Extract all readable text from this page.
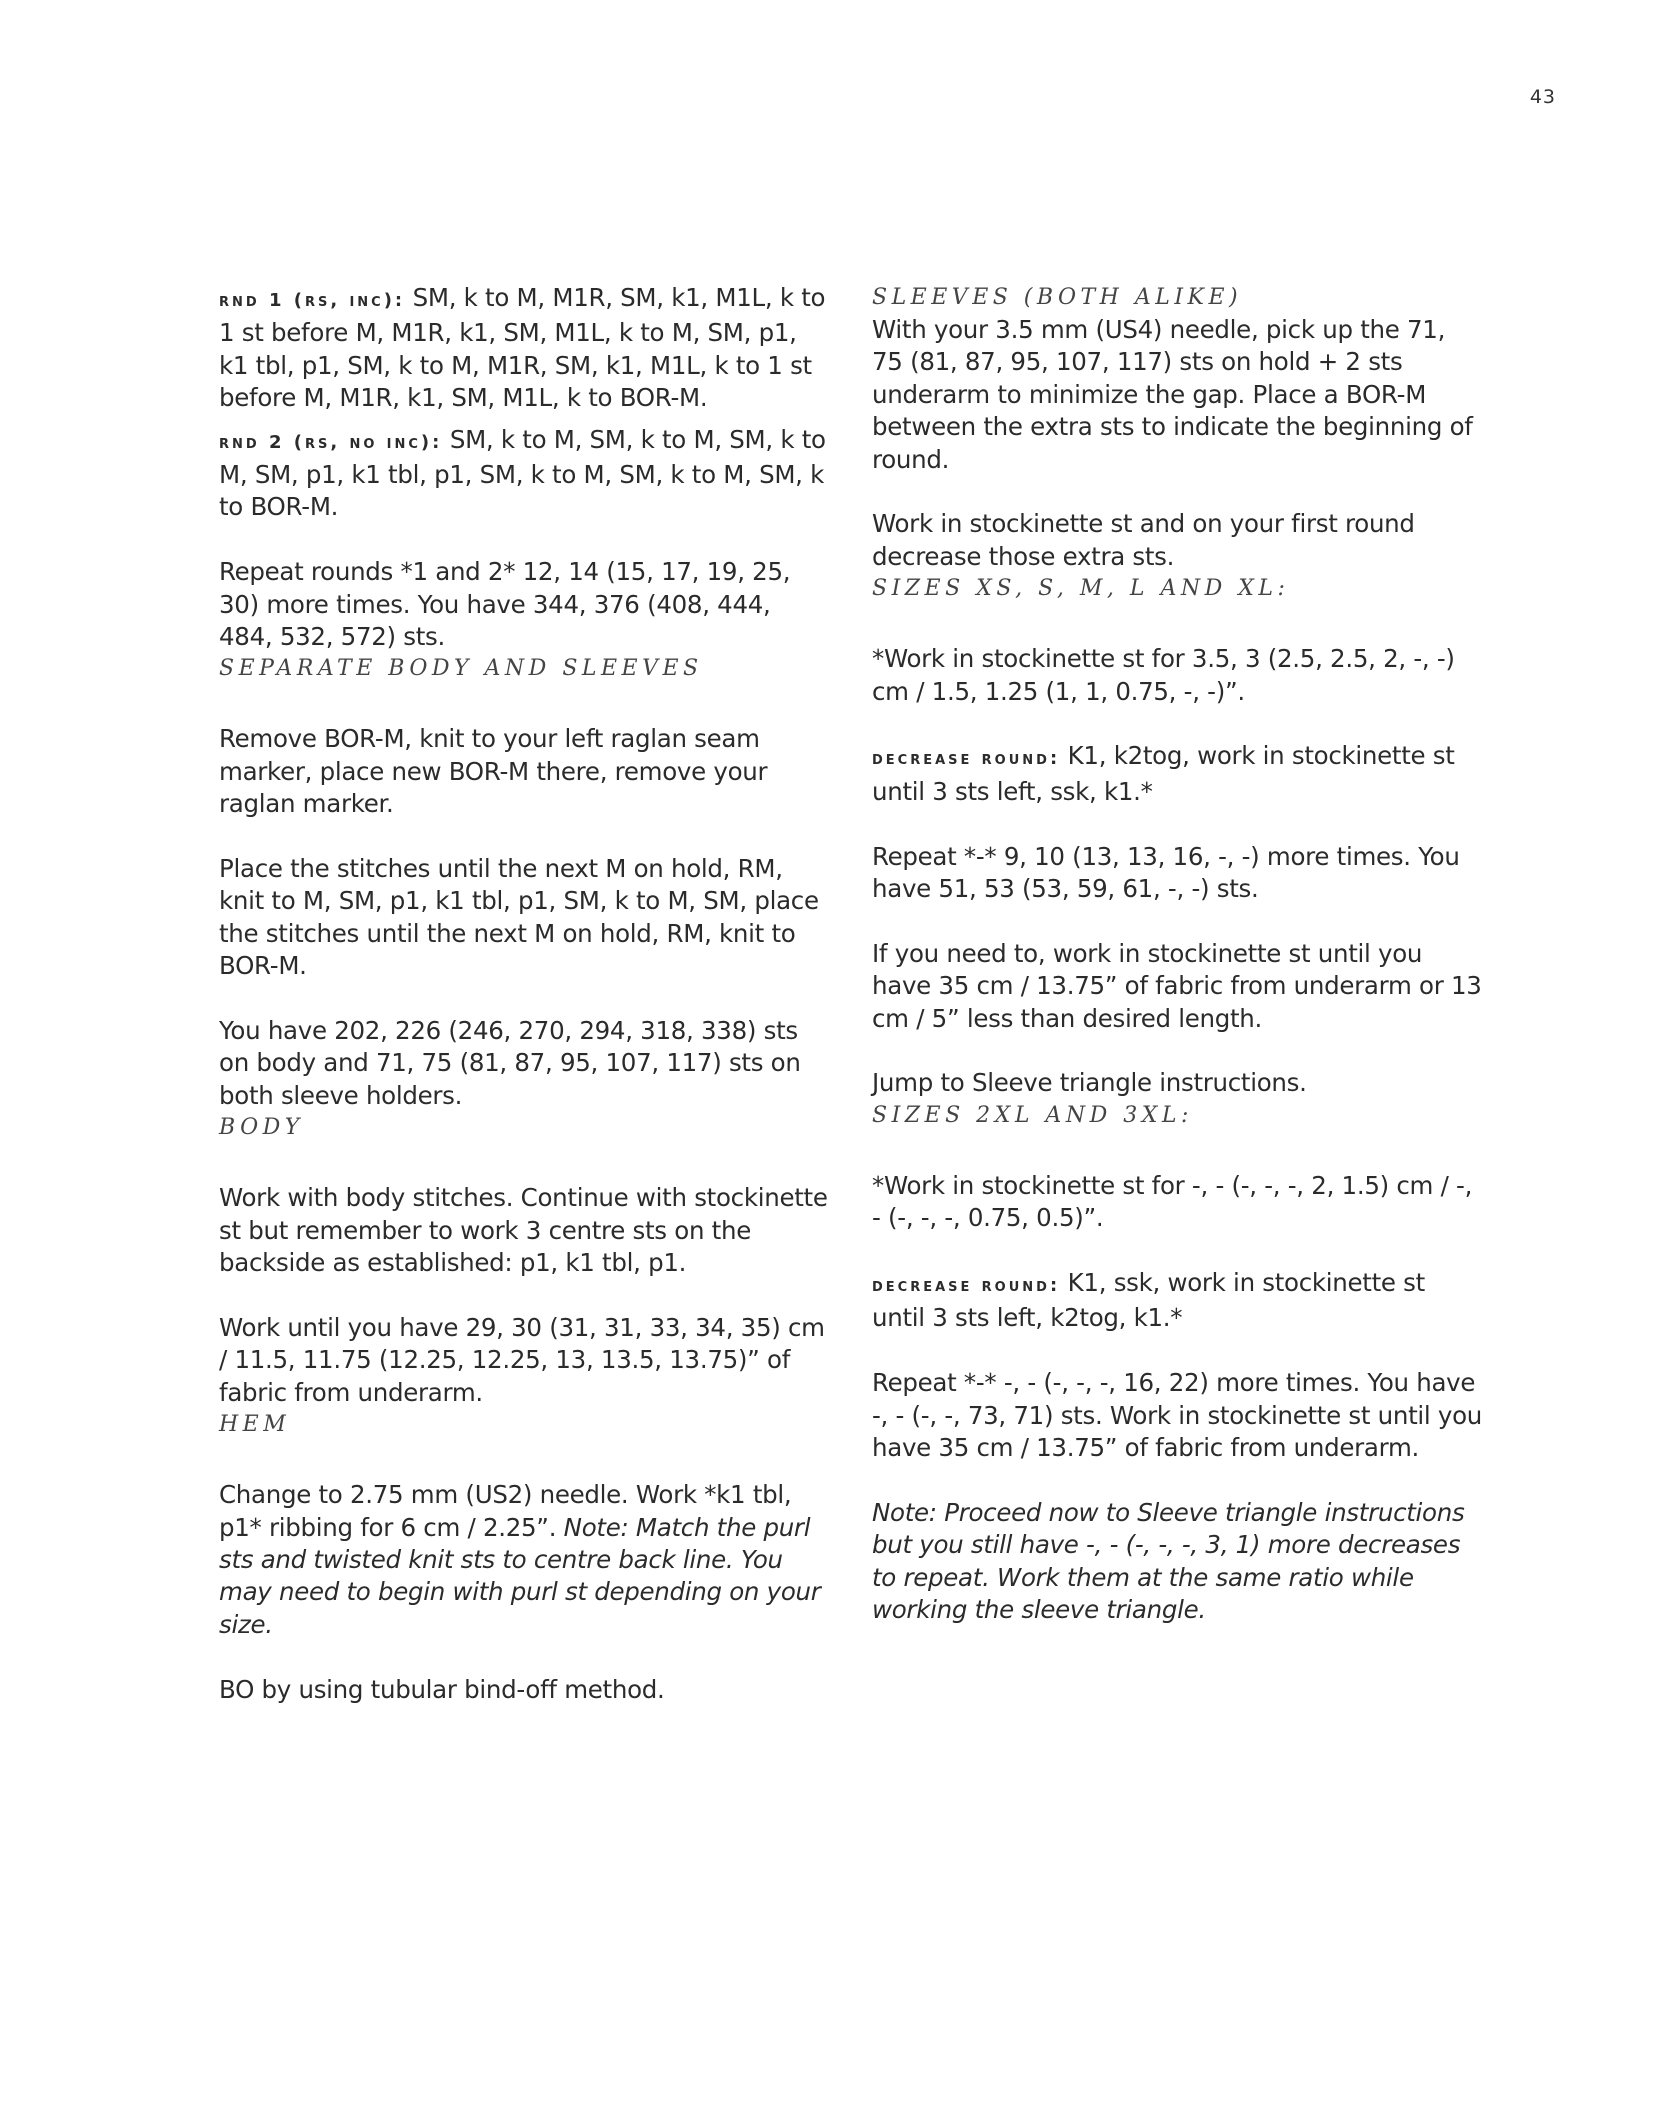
43

rnd 1 (rs, inc): SM, k to M, M1R, SM, k1, M1L, k to 1 st before M, M1R, k1, SM, M1L, k to M, SM, p1, k1 tbl, p1, SM, k to M, M1R, SM, k1, M1L, k to 1 st before M, M1R, k1, SM, M1L, k to BOR-M.

rnd 2 (rs, no inc): SM, k to M, SM, k to M, SM, k to M, SM, p1, k1 tbl, p1, SM, k to M, SM, k to M, SM, k to BOR-M.

Repeat rounds *1 and 2* 12, 14 (15, 17, 19, 25, 30) more times. You have 344, 376 (408, 444, 484, 532, 572) sts.

SEPARATE BODY AND SLEEVES

Remove BOR-M, knit to your left raglan seam marker, place new BOR-M there, remove your raglan marker.

Place the stitches until the next M on hold, RM, knit to M, SM, p1, k1 tbl, p1, SM, k to M, SM, place the stitches until the next M on hold, RM, knit to BOR-M.

You have 202, 226 (246, 270, 294, 318, 338) sts on body and 71, 75 (81, 87, 95, 107, 117) sts on both sleeve holders.

BODY

Work with body stitches. Continue with stockinette st but remember to work 3 centre sts on the backside as established: p1, k1 tbl, p1.

Work until you have 29, 30 (31, 31, 33, 34, 35) cm / 11.5, 11.75 (12.25, 12.25, 13, 13.5, 13.75)” of fabric from underarm.

HEM

Change to 2.75 mm (US2) needle. Work *k1 tbl, p1* ribbing for 6 cm / 2.25”. Note: Match the purl sts and twisted knit sts to centre back line. You may need to begin with purl st depending on your size.

BO by using tubular bind-off method.

SLEEVES (BOTH ALIKE)

With your 3.5 mm (US4) needle, pick up the 71, 75 (81, 87, 95, 107, 117) sts on hold + 2 sts underarm to minimize the gap. Place a BOR-M between the extra sts to indicate the beginning of round.

Work in stockinette st and on your first round decrease those extra sts.

SIZES XS, S, M, L AND XL:

*Work in stockinette st for 3.5, 3 (2.5, 2.5, 2, -, -) cm / 1.5, 1.25 (1, 1, 0.75, -, -)”.

decrease round: K1, k2tog, work in stockinette st until 3 sts left, ssk, k1.*

Repeat *-* 9, 10 (13, 13, 16, -, -) more times. You have 51, 53 (53, 59, 61, -, -) sts.

If you need to, work in stockinette st until you have 35 cm / 13.75” of fabric from underarm or 13 cm / 5” less than desired length.

Jump to Sleeve triangle instructions.

SIZES 2XL AND 3XL:

*Work in stockinette st for -, - (-, -, -, 2, 1.5) cm / -, - (-, -, -, 0.75, 0.5)”.

decrease round: K1, ssk, work in stockinette st until 3 sts left, k2tog, k1.*

Repeat *-* -, - (-, -, -, 16, 22) more times. You have -, - (-, -, 73, 71) sts. Work in stockinette st until you have 35 cm / 13.75” of fabric from underarm.

Note: Proceed now to Sleeve triangle instructions but you still have -, - (-, -, -, 3, 1) more decreases to repeat. Work them at the same ratio while working the sleeve triangle.
